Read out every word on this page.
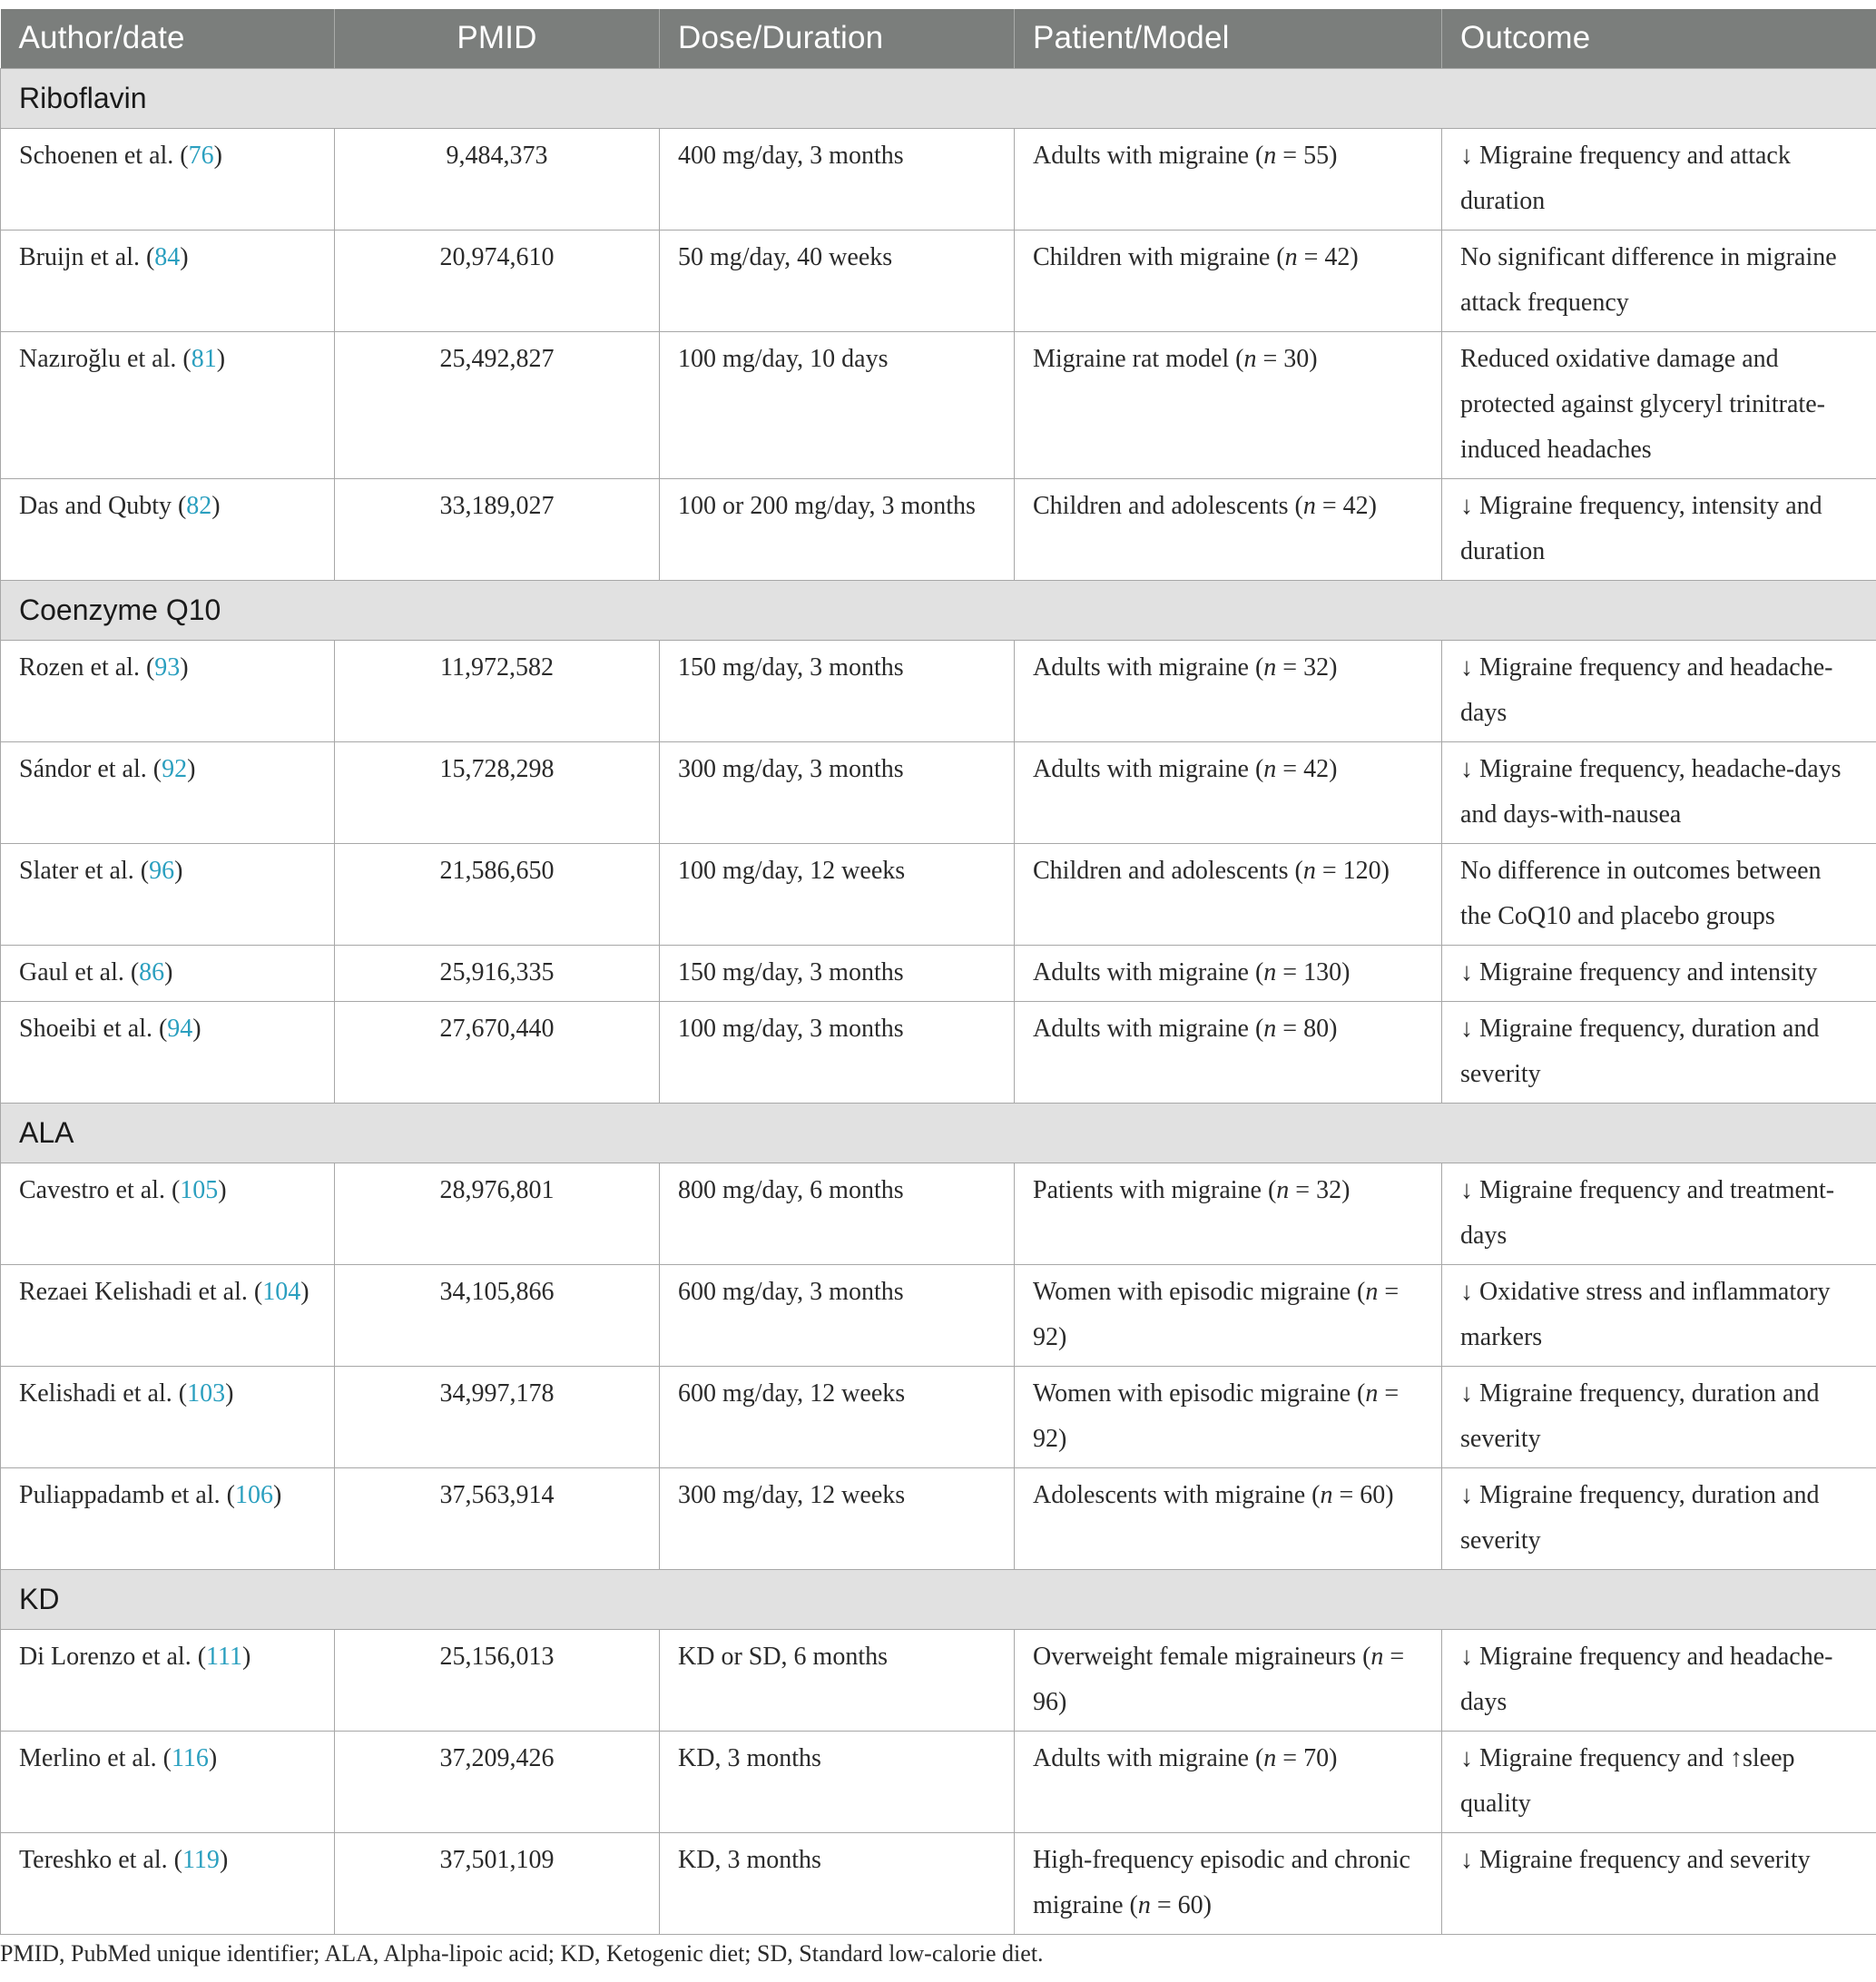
Author/date	PMID	Dose/Duration	Patient/Model	Outcome
Riboflavin				
Schoenen et al. (76)	9,484,373	400 mg/day, 3 months	Adults with migraine (n = 55)	↓ Migraine frequency and attack duration
Bruijn et al. (84)	20,974,610	50 mg/day, 40 weeks	Children with migraine (n = 42)	No significant difference in migraine attack frequency
Nazıroğlu et al. (81)	25,492,827	100 mg/day, 10 days	Migraine rat model (n = 30)	Reduced oxidative damage and protected against glyceryl trinitrate-induced headaches
Das and Qubty (82)	33,189,027	100 or 200 mg/day, 3 months	Children and adolescents (n = 42)	↓ Migraine frequency, intensity and duration
Coenzyme Q10				
Rozen et al. (93)	11,972,582	150 mg/day, 3 months	Adults with migraine (n = 32)	↓ Migraine frequency and headache-days
Sándor et al. (92)	15,728,298	300 mg/day, 3 months	Adults with migraine (n = 42)	↓ Migraine frequency, headache-days and days-with-nausea
Slater et al. (96)	21,586,650	100 mg/day, 12 weeks	Children and adolescents (n = 120)	No difference in outcomes between the CoQ10 and placebo groups
Gaul et al. (86)	25,916,335	150 mg/day, 3 months	Adults with migraine (n = 130)	↓ Migraine frequency and intensity
Shoeibi et al. (94)	27,670,440	100 mg/day, 3 months	Adults with migraine (n = 80)	↓ Migraine frequency, duration and severity
ALA				
Cavestro et al. (105)	28,976,801	800 mg/day, 6 months	Patients with migraine (n = 32)	↓ Migraine frequency and treatment-days
Rezaei Kelishadi et al. (104)	34,105,866	600 mg/day, 3 months	Women with episodic migraine (n = 92)	↓ Oxidative stress and inflammatory markers
Kelishadi et al. (103)	34,997,178	600 mg/day, 12 weeks	Women with episodic migraine (n = 92)	↓ Migraine frequency, duration and severity
Puliappadamb et al. (106)	37,563,914	300 mg/day, 12 weeks	Adolescents with migraine (n = 60)	↓ Migraine frequency, duration and severity
KD				
Di Lorenzo et al. (111)	25,156,013	KD or SD, 6 months	Overweight female migraineurs (n = 96)	↓ Migraine frequency and headache-days
Merlino et al. (116)	37,209,426	KD, 3 months	Adults with migraine (n = 70)	↓ Migraine frequency and ↑sleep quality
Tereshko et al. (119)	37,501,109	KD, 3 months	High-frequency episodic and chronic migraine (n = 60)	↓ Migraine frequency and severity
PMID, PubMed unique identifier; ALA, Alpha-lipoic acid; KD, Ketogenic diet; SD, Standard low-calorie diet.
